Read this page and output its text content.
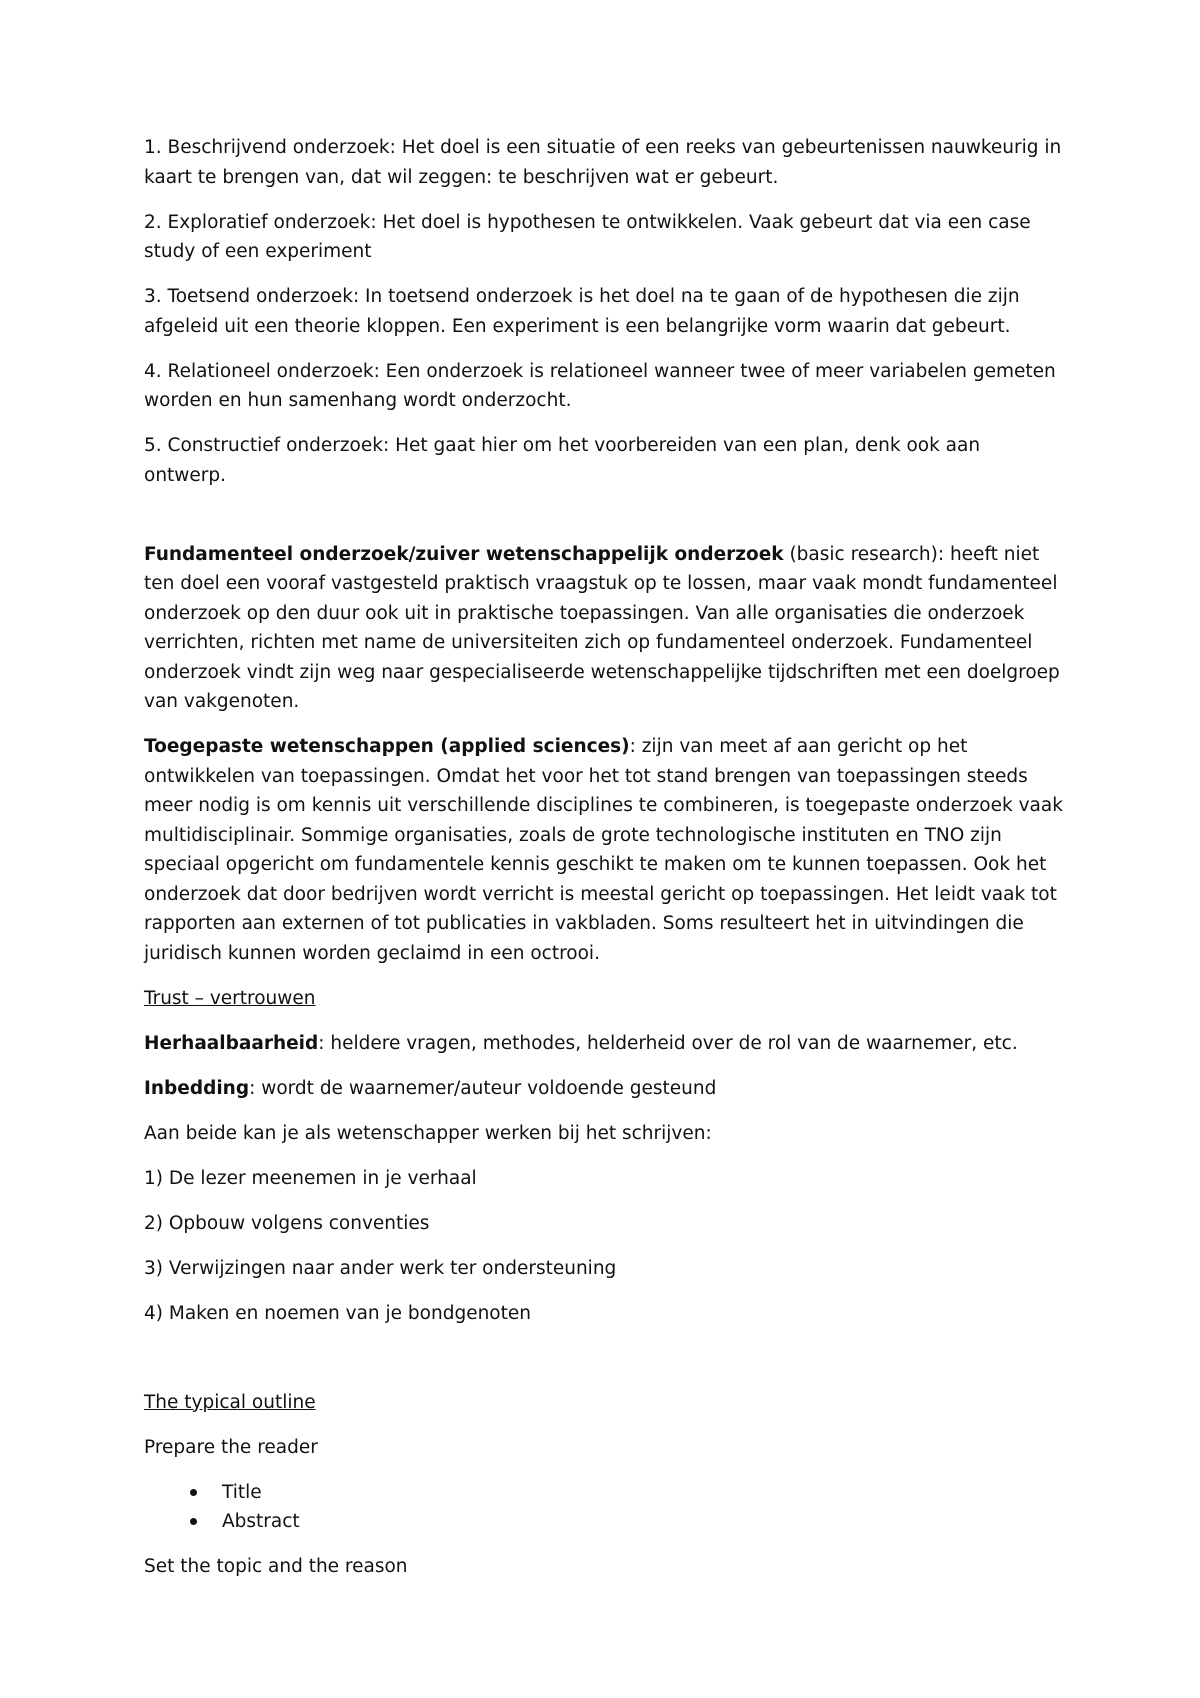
1. Beschrijvend onderzoek: Het doel is een situatie of een reeks van gebeurtenissen nauwkeurig in kaart te brengen van, dat wil zeggen: te beschrijven wat er gebeurt.

2. Exploratief onderzoek: Het doel is hypothesen te ontwikkelen. Vaak gebeurt dat via een case study of een experiment

3. Toetsend onderzoek: In toetsend onderzoek is het doel na te gaan of de hypothesen die zijn afgeleid uit een theorie kloppen. Een experiment is een belangrijke vorm waarin dat gebeurt.

4. Relationeel onderzoek: Een onderzoek is relationeel wanneer twee of meer variabelen gemeten worden en hun samenhang wordt onderzocht.

5. Constructief onderzoek: Het gaat hier om het voorbereiden van een plan, denk ook aan ontwerp.

Fundamenteel onderzoek/zuiver wetenschappelijk onderzoek (basic research): heeft niet ten doel een vooraf vastgesteld praktisch vraagstuk op te lossen, maar vaak mondt fundamenteel onderzoek op den duur ook uit in praktische toepassingen. Van alle organisaties die onderzoek verrichten, richten met name de universiteiten zich op fundamenteel onderzoek. Fundamenteel onderzoek vindt zijn weg naar gespecialiseerde wetenschappelijke tijdschriften met een doelgroep van vakgenoten.

Toegepaste wetenschappen (applied sciences): zijn van meet af aan gericht op het ontwikkelen van toepassingen. Omdat het voor het tot stand brengen van toepassingen steeds meer nodig is om kennis uit verschillende disciplines te combineren, is toegepaste onderzoek vaak multidisciplinair. Sommige organisaties, zoals de grote technologische instituten en TNO zijn speciaal opgericht om fundamentele kennis geschikt te maken om te kunnen toepassen. Ook het onderzoek dat door bedrijven wordt verricht is meestal gericht op toepassingen. Het leidt vaak tot rapporten aan externen of tot publicaties in vakbladen. Soms resulteert het in uitvindingen die juridisch kunnen worden geclaimd in een octrooi.

Trust – vertrouwen

Herhaalbaarheid: heldere vragen, methodes, helderheid over de rol van de waarnemer, etc.

Inbedding: wordt de waarnemer/auteur voldoende gesteund

Aan beide kan je als wetenschapper werken bij het schrijven:

1) De lezer meenemen in je verhaal

2) Opbouw volgens conventies

3) Verwijzingen naar ander werk ter ondersteuning

4) Maken en noemen van je bondgenoten

The typical outline

Prepare the reader

Title
Abstract

Set the topic and the reason
